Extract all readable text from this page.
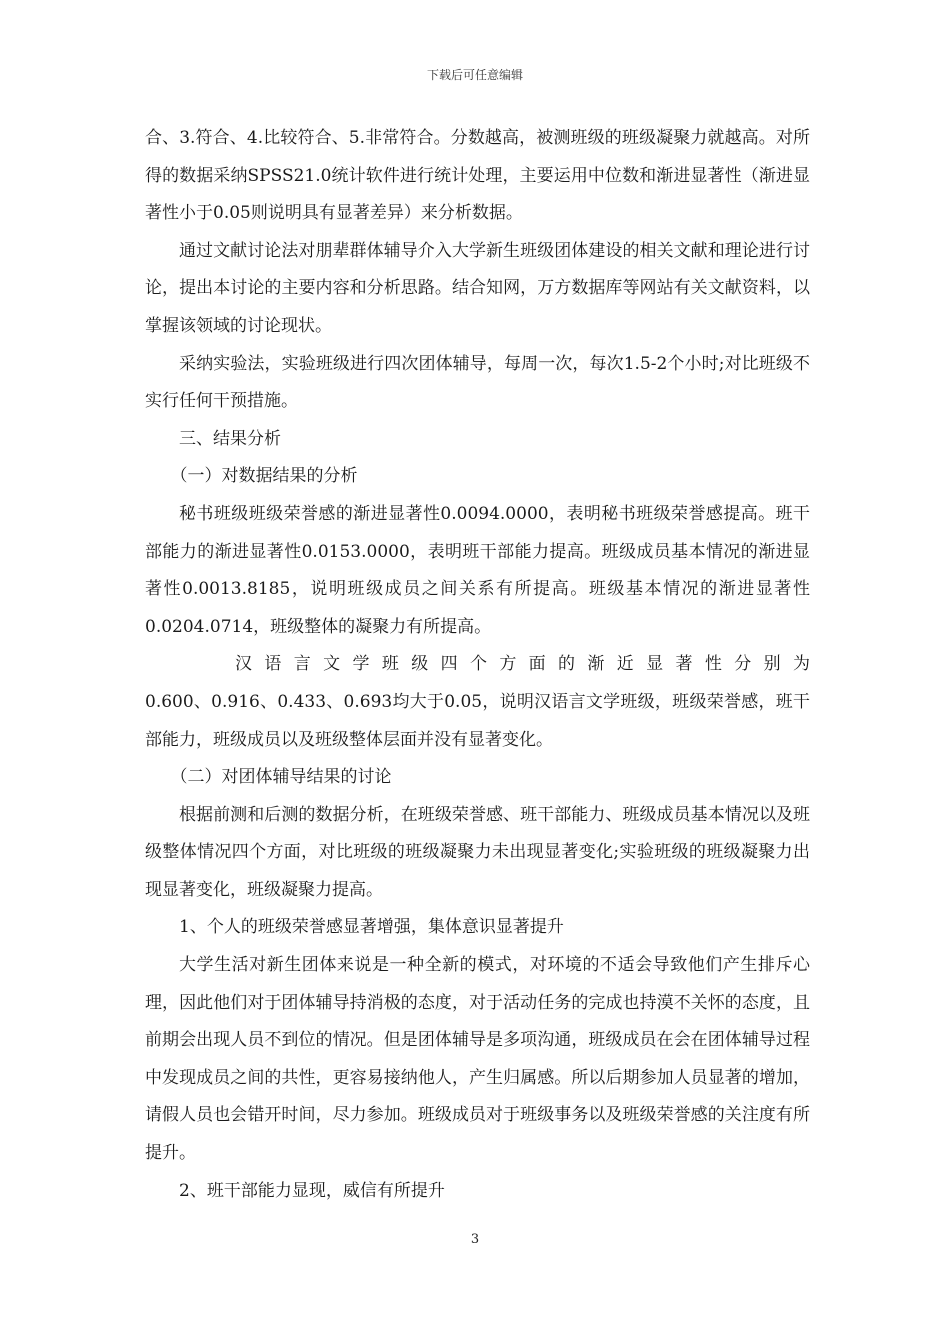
下载后可任意编辑

合、3.符合、4.比较符合、5.非常符合。分数越高，被测班级的班级凝聚力就越高。对所得的数据采纳SPSS21.0统计软件进行统计处理，主要运用中位数和渐进显著性（渐进显著性小于0.05则说明具有显著差异）来分析数据。

通过文献讨论法对朋辈群体辅导介入大学新生班级团体建设的相关文献和理论进行讨论，提出本讨论的主要内容和分析思路。结合知网，万方数据库等网站有关文献资料，以掌握该领域的讨论现状。

采纳实验法，实验班级进行四次团体辅导，每周一次，每次1.5-2个小时;对比班级不实行任何干预措施。

三、结果分析

（一）对数据结果的分析

秘书班级班级荣誉感的渐进显著性0.0094.0000，表明秘书班级荣誉感提高。班干部能力的渐进显著性0.0153.0000，表明班干部能力提高。班级成员基本情况的渐进显著性0.0013.8185，说明班级成员之间关系有所提高。班级基本情况的渐进显著性0.0204.0714，班级整体的凝聚力有所提高。

汉语言文学班级四个方面的渐近显著性分别为

0.600、0.916、0.433、0.693均大于0.05，说明汉语言文学班级，班级荣誉感，班干部能力，班级成员以及班级整体层面并没有显著变化。

（二）对团体辅导结果的讨论

根据前测和后测的数据分析，在班级荣誉感、班干部能力、班级成员基本情况以及班级整体情况四个方面，对比班级的班级凝聚力未出现显著变化;实验班级的班级凝聚力出现显著变化，班级凝聚力提高。

1、个人的班级荣誉感显著增强，集体意识显著提升

大学生活对新生团体来说是一种全新的模式，对环境的不适会导致他们产生排斥心理，因此他们对于团体辅导持消极的态度，对于活动任务的完成也持漠不关怀的态度，且前期会出现人员不到位的情况。但是团体辅导是多项沟通，班级成员在会在团体辅导过程中发现成员之间的共性，更容易接纳他人，产生归属感。所以后期参加人员显著的增加，请假人员也会错开时间，尽力参加。班级成员对于班级事务以及班级荣誉感的关注度有所提升。

2、班干部能力显现，威信有所提升

3
